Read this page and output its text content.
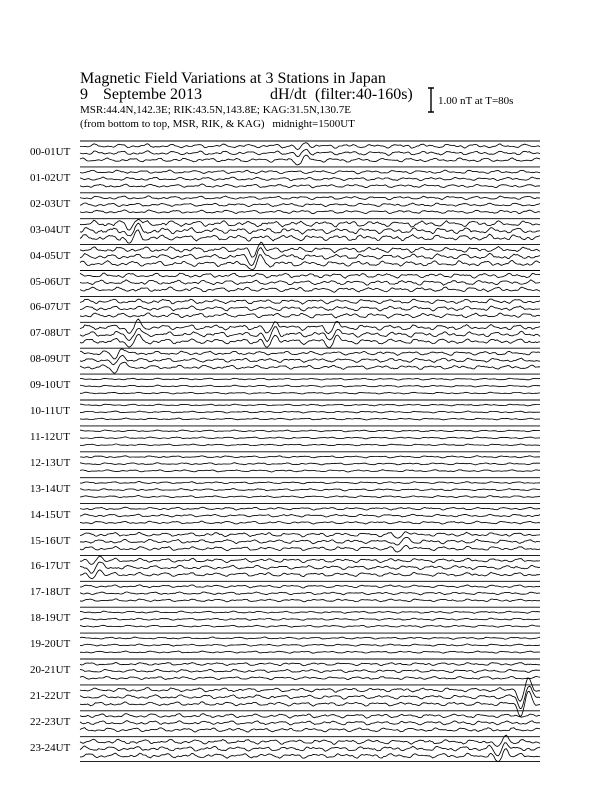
Magnetic Field Variations at 3 Stations in Japan
9 Septembe 2013	dH/dt (filter:40-160s)
MSR:44.4N,142.3E; RIK:43.5N,143.8E; KAG:31.5N,130.7E
(from bottom to top, MSR, RIK, & KAG) midnight=1500UT
1.00 nT at T=80s
00-01UT
01-02UT
02-03UT
03-04UT
04-05UT
05-06UT
06-07UT
07-08UT
08-09UT
09-10UT
10-11UT
11-12UT
12-13UT
13-14UT
14-15UT
15-16UT
16-17UT
17-18UT
18-19UT
19-20UT
20-21UT
21-22UT
22-23UT
23-24UT
